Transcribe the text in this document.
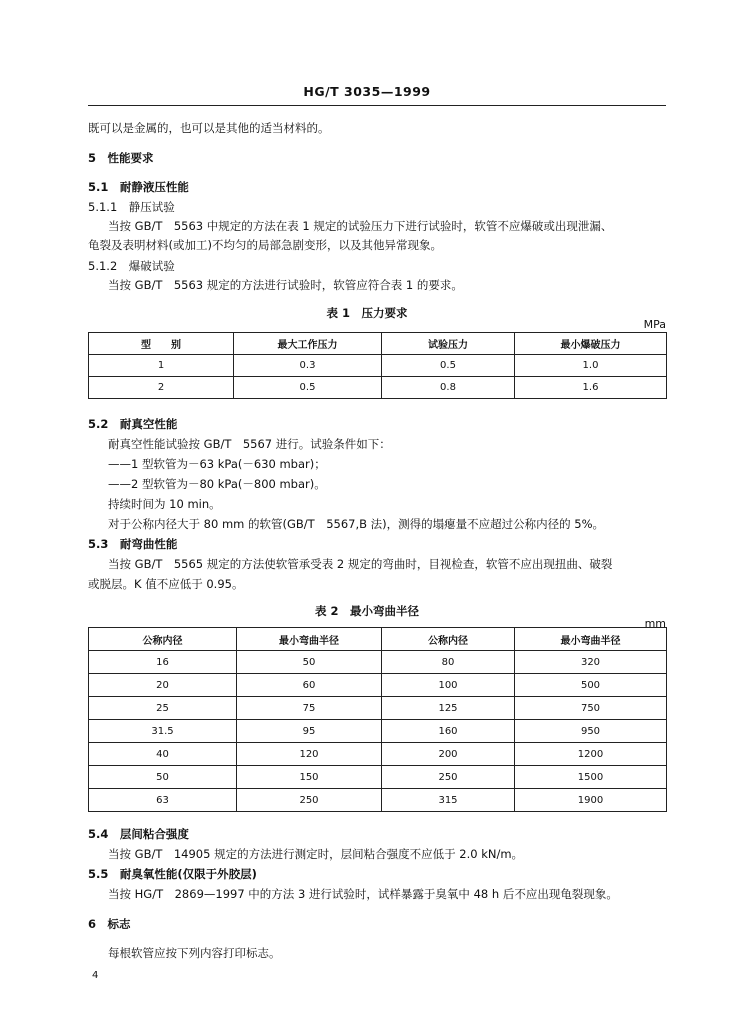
HG/T 3035—1999
既可以是金属的，也可以是其他的适当材料的。
5　性能要求
5.1　耐静液压性能
5.1.1　静压试验
当按 GB/T　5563 中规定的方法在表 1 规定的试验压力下进行试验时，软管不应爆破或出现泄漏、
龟裂及表明材料(或加工)不均匀的局部急剧变形，以及其他异常现象。
5.1.2　爆破试验
当按 GB/T　5563 规定的方法进行试验时，软管应符合表 1 的要求。
表 1　压力要求
MPa
型　　别	最大工作压力	试验压力	最小爆破压力
1	0.3	0.5	1.0
2	0.5	0.8	1.6
5.2　耐真空性能
耐真空性能试验按 GB/T　5567 进行。试验条件如下：
——1 型软管为－63 kPa(－630 mbar)；
——2 型软管为－80 kPa(－800 mbar)。
持续时间为 10 min。
对于公称内径大于 80 mm 的软管(GB/T　5567,B 法)，测得的塌瘪量不应超过公称内径的 5%。
5.3　耐弯曲性能
当按 GB/T　5565 规定的方法使软管承受表 2 规定的弯曲时，目视检查，软管不应出现扭曲、破裂
或脱层。K 值不应低于 0.95。
表 2　最小弯曲半径
mm
公称内径	最小弯曲半径	公称内径	最小弯曲半径
16	50	80	320
20	60	100	500
25	75	125	750
31.5	95	160	950
40	120	200	1200
50	150	250	1500
63	250	315	1900
5.4　层间粘合强度
当按 GB/T　14905 规定的方法进行测定时，层间粘合强度不应低于 2.0 kN/m。
5.5　耐臭氧性能(仅限于外胶层)
当按 HG/T　2869—1997 中的方法 3 进行试验时，试样暴露于臭氧中 48 h 后不应出现龟裂现象。
6　标志
每根软管应按下列内容打印标志。
4
